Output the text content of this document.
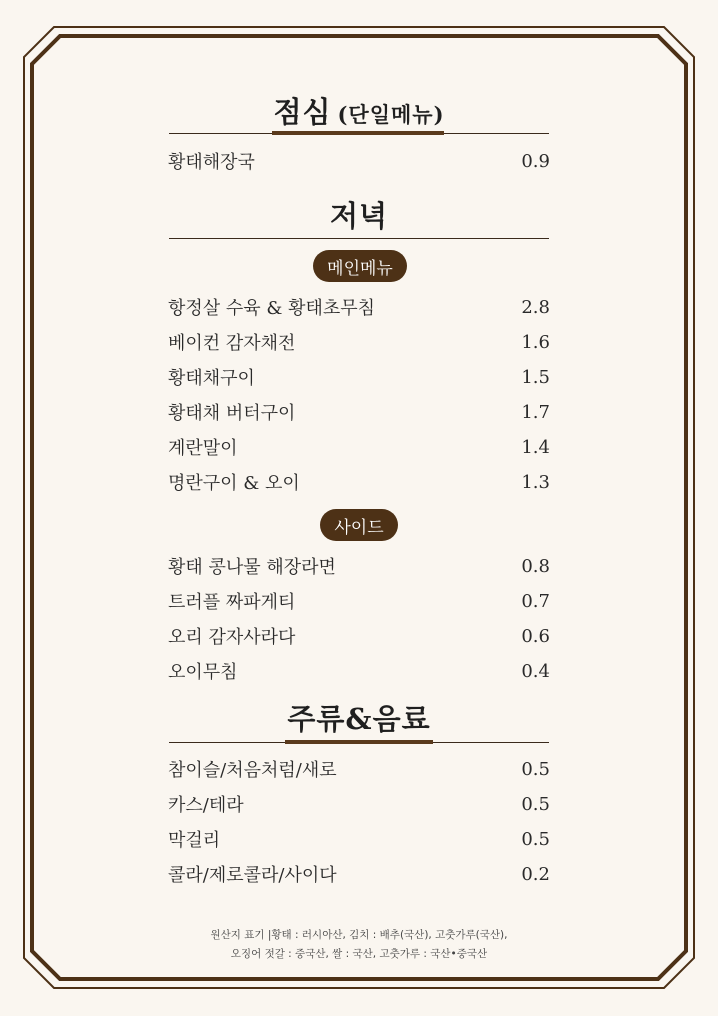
점심 (단일메뉴)
황태해장국	0.9
저녁
메인메뉴
항정살 수육 & 황태초무침	2.8
베이컨 감자채전	1.6
황태채구이	1.5
황태채 버터구이	1.7
계란말이	1.4
명란구이 & 오이	1.3
사이드
황태 콩나물 해장라면	0.8
트러플 짜파게티	0.7
오리 감자사라다	0.6
오이무침	0.4
주류&음료
참이슬/처음처럼/새로	0.5
카스/테라	0.5
막걸리	0.5
콜라/제로콜라/사이다	0.2
원산지 표기 |황태 : 러시아산, 김치 : 배추(국산), 고춧가루(국산),
오징어 젓갈 : 중국산, 쌀 : 국산, 고춧가루 : 국산•중국산
